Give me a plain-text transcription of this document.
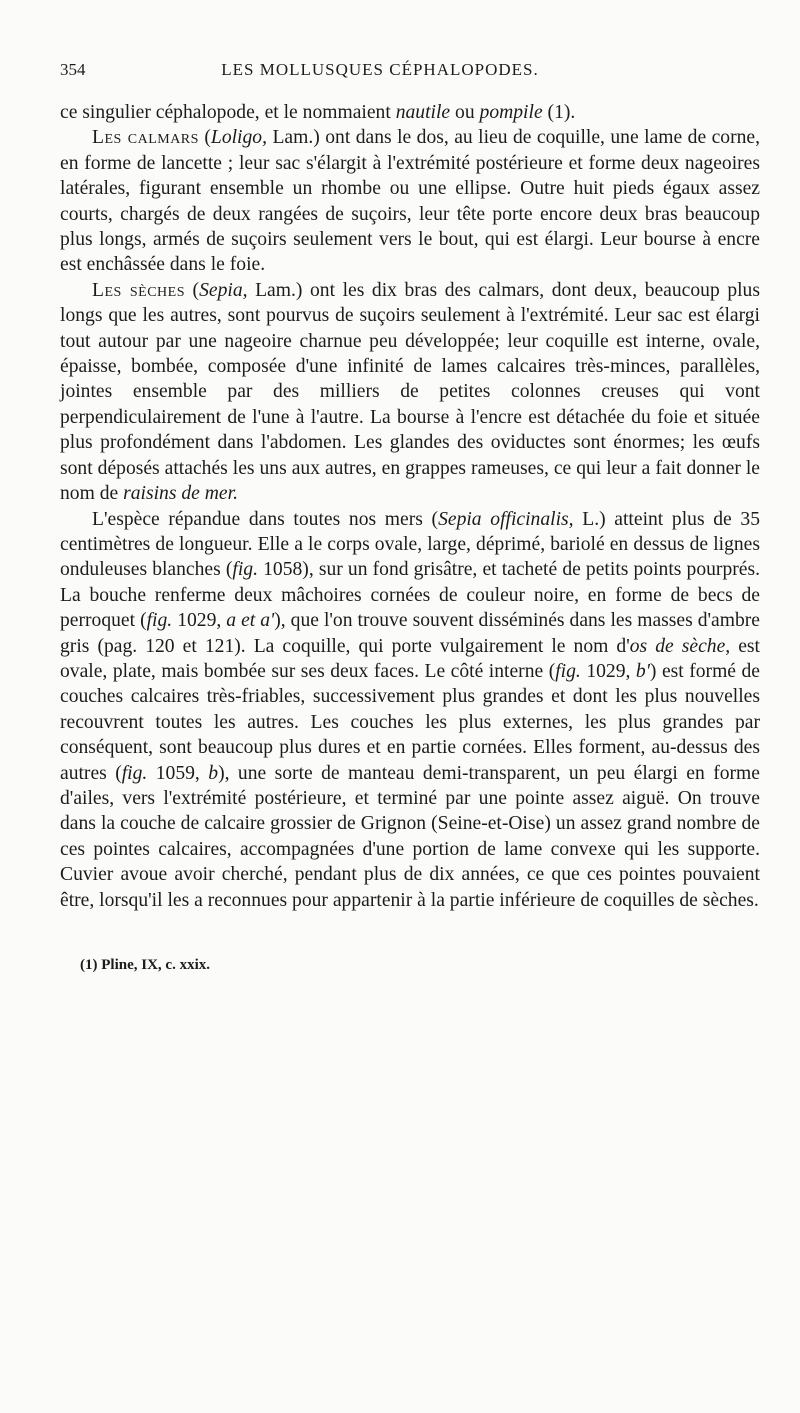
354	LES MOLLUSQUES CÉPHALOPODES.

ce singulier céphalopode, et le nommaient nautile ou pompile (1).

Les calmars (Loligo, Lam.) ont dans le dos, au lieu de coquille, une lame de corne, en forme de lancette ; leur sac s'élargit à l'extrémité postérieure et forme deux nageoires latérales, figurant ensemble un rhombe ou une ellipse. Outre huit pieds égaux assez courts, chargés de deux rangées de suçoirs, leur tête porte encore deux bras beaucoup plus longs, armés de suçoirs seulement vers le bout, qui est élargi. Leur bourse à encre est enchâssée dans le foie.

Les sèches (Sepia, Lam.) ont les dix bras des calmars, dont deux, beaucoup plus longs que les autres, sont pourvus de suçoirs seulement à l'extrémité. Leur sac est élargi tout autour par une nageoire charnue peu développée; leur coquille est interne, ovale, épaisse, bombée, composée d'une infinité de lames calcaires très-minces, parallèles, jointes ensemble par des milliers de petites colonnes creuses qui vont perpendiculairement de l'une à l'autre. La bourse à l'encre est détachée du foie et située plus profondément dans l'abdomen. Les glandes des oviductes sont énormes; les œufs sont déposés attachés les uns aux autres, en grappes rameuses, ce qui leur a fait donner le nom de raisins de mer.

L'espèce répandue dans toutes nos mers (Sepia officinalis, L.) atteint plus de 35 centimètres de longueur. Elle a le corps ovale, large, déprimé, bariolé en dessus de lignes onduleuses blanches (fig. 1058), sur un fond grisâtre, et tacheté de petits points pourprés. La bouche renferme deux mâchoires cornées de couleur noire, en forme de becs de perroquet (fig. 1029, a et a'), que l'on trouve souvent disséminés dans les masses d'ambre gris (pag. 120 et 121). La coquille, qui porte vulgairement le nom d'os de sèche, est ovale, plate, mais bombée sur ses deux faces. Le côté interne (fig. 1029, b') est formé de couches calcaires très-friables, successivement plus grandes et dont les plus nouvelles recouvrent toutes les autres. Les couches les plus externes, les plus grandes par conséquent, sont beaucoup plus dures et en partie cornées. Elles forment, au-dessus des autres (fig. 1059, b), une sorte de manteau demi-transparent, un peu élargi en forme d'ailes, vers l'extrémité postérieure, et terminé par une pointe assez aiguë. On trouve dans la couche de calcaire grossier de Grignon (Seine-et-Oise) un assez grand nombre de ces pointes calcaires, accompagnées d'une portion de lame convexe qui les supporte. Cuvier avoue avoir cherché, pendant plus de dix années, ce que ces pointes pouvaient être, lorsqu'il les a reconnues pour appartenir à la partie inférieure de coquilles de sèches.

(1) Pline, IX, c. xxix.
